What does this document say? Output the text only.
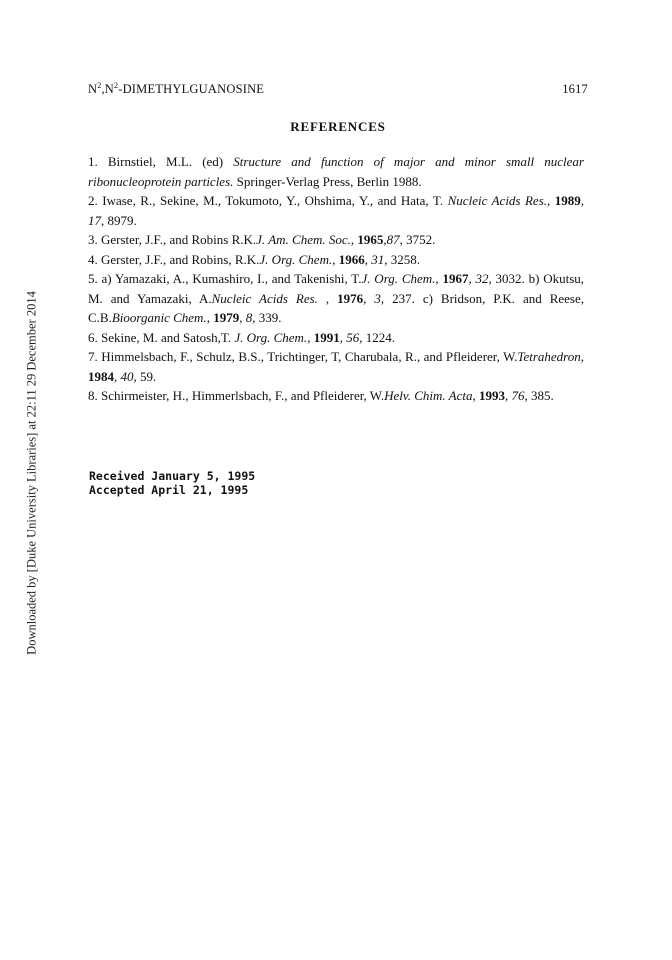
$N^2,N^2$-DIMETHYLGUANOSINE	1617
REFERENCES

1. Birnstiel, M.L. (ed) Structure and function of major and minor small nuclear ribonucleoprotein particles. Springer-Verlag Press, Berlin 1988.

2. Iwase, R., Sekine, M., Tokumoto, Y., Ohshima, Y., and Hata, T. Nucleic Acids Res., 1989, 17, 8979.

3. Gerster, J.F., and Robins R.K.J. Am. Chem. Soc., 1965,87, 3752.

4. Gerster, J.F., and Robins, R.K.J. Org. Chem., 1966, 31, 3258.

5. a) Yamazaki, A., Kumashiro, I., and Takenishi, T.J. Org. Chem., 1967, 32, 3032. b) Okutsu, M. and Yamazaki, A.Nucleic Acids Res. , 1976, 3, 237. c) Bridson, P.K. and Reese, C.B.Bioorganic Chem., 1979, 8, 339.

6. Sekine, M. and Satosh,T. J. Org. Chem., 1991, 56, 1224.

7. Himmelsbach, F., Schulz, B.S., Trichtinger, T, Charubala, R., and Pfleiderer, W.Tetrahedron, 1984, 40, 59.

8. Schirmeister, H., Himmerlsbach, F., and Pfleiderer, W.Helv. Chim. Acta, 1993, 76, 385.

Received January 5, 1995
Accepted April 21, 1995
Downloaded by [Duke University Libraries] at 22:11 29 December 2014
